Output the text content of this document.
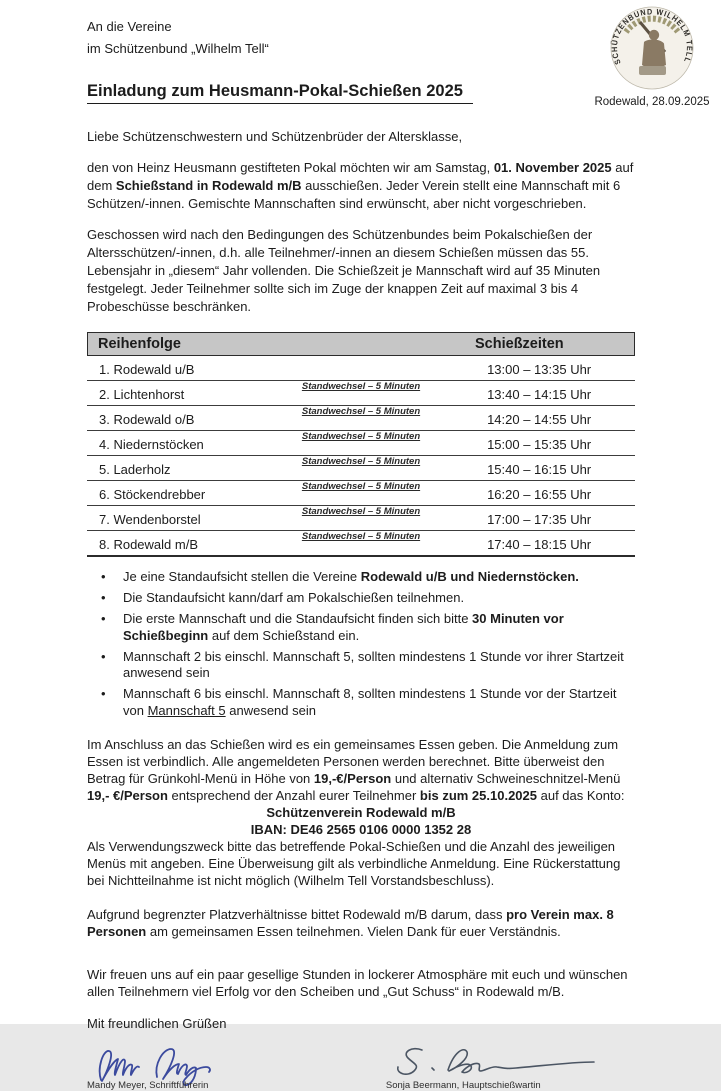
SCHÜTZENBUND WILHELM TELL
Rodewald, 28.09.2025
An die Vereine
im Schützenbund „Wilhelm Tell“
Einladung zum Heusmann-Pokal-Schießen 2025

Liebe Schützenschwestern und Schützenbrüder der Altersklasse,

den von Heinz Heusmann gestifteten Pokal möchten wir am Samstag, 01. November 2025 auf dem Schießstand in Rodewald m/B ausschießen. Jeder Verein stellt eine Mannschaft mit 6 Schützen/-innen. Gemischte Mannschaften sind erwünscht, aber nicht vorgeschrieben.

Geschossen wird nach den Bedingungen des Schützenbundes beim Pokalschießen der Altersschützen/-innen, d.h. alle Teilnehmer/-innen an diesem Schießen müssen das 55. Lebensjahr in „diesem“ Jahr vollenden. Die Schießzeit je Mannschaft wird auf 35 Minuten festgelegt. Jeder Teilnehmer sollte sich im Zuge der knappen Zeit auf maximal 3 bis 4 Probeschüsse beschränken.

Reihenfolge	Schießzeiten
1. Rodewald u/B	13:00 – 13:35 Uhr
Standwechsel – 5 Minuten
2. Lichtenhorst	13:40 – 14:15 Uhr
Standwechsel – 5 Minuten
3. Rodewald o/B	14:20 – 14:55 Uhr
Standwechsel – 5 Minuten
4. Niedernstöcken	15:00 – 15:35 Uhr
Standwechsel – 5 Minuten
5. Laderholz	15:40 – 16:15 Uhr
Standwechsel – 5 Minuten
6. Stöckendrebber	16:20 – 16:55 Uhr
Standwechsel – 5 Minuten
7. Wendenborstel	17:00 – 17:35 Uhr
Standwechsel – 5 Minuten
8. Rodewald m/B	17:40 – 18:15 Uhr
•	Je eine Standaufsicht stellen die Vereine Rodewald u/B und Niedernstöcken.
•	Die Standaufsicht kann/darf am Pokalschießen teilnehmen.
•	Die erste Mannschaft und die Standaufsicht finden sich bitte 30 Minuten vor Schießbeginn auf dem Schießstand ein.
•	Mannschaft 2 bis einschl. Mannschaft 5, sollten mindestens 1 Stunde vor ihrer Startzeit anwesend sein
•	Mannschaft 6 bis einschl. Mannschaft 8, sollten mindestens 1 Stunde vor der Startzeit von Mannschaft 5 anwesend sein

Im Anschluss an das Schießen wird es ein gemeinsames Essen geben. Die Anmeldung zum Essen ist verbindlich. Alle angemeldeten Personen werden berechnet. Bitte überweist den Betrag für Grünkohl-Menü in Höhe von 19,-€/Person und alternativ Schweineschnitzel-Menü 19,- €/Person entsprechend der Anzahl eurer Teilnehmer bis zum 25.10.2025 auf das Konto:

Schützenverein Rodewald m/B
IBAN: DE46 2565 0106 0000 1352 28

Als Verwendungszweck bitte das betreffende Pokal-Schießen und die Anzahl des jeweiligen Menüs mit angeben. Eine Überweisung gilt als verbindliche Anmeldung. Eine Rückerstattung bei Nichtteilnahme ist nicht möglich (Wilhelm Tell Vorstandsbeschluss).

Aufgrund begrenzter Platzverhältnisse bittet Rodewald m/B darum, dass pro Verein max. 8 Personen am gemeinsamen Essen teilnehmen. Vielen Dank für euer Verständnis.

Wir freuen uns auf ein paar gesellige Stunden in lockerer Atmosphäre mit euch und wünschen allen Teilnehmern viel Erfolg vor den Scheiben und „Gut Schuss“ in Rodewald m/B.

Mit freundlichen Grüßen

Mandy Meyer, Schriftführerin	Sonja Beermann, Hauptschießwartin
